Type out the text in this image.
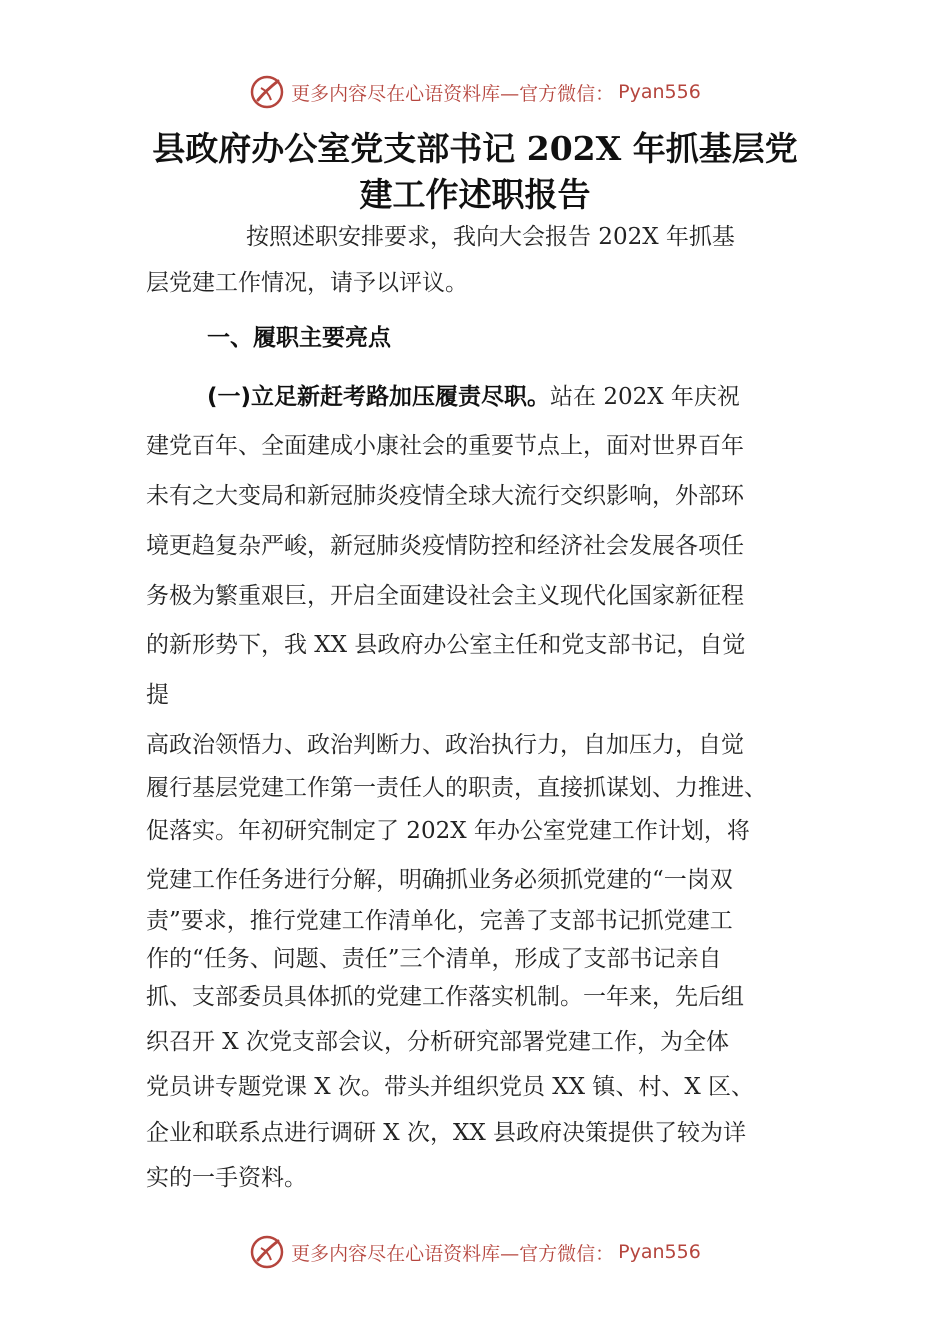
更多内容尽在心语资料库—官方微信： Pyan556
县政府办公室党支部书记 202X 年抓基层党
建工作述职报告
按照述职安排要求，我向大会报告 202X 年抓基
层党建工作情况，请予以评议。
一、履职主要亮点
(一)立足新赶考路加压履责尽职。站在 202X 年庆祝
建党百年、全面建成小康社会的重要节点上，面对世界百年
未有之大变局和新冠肺炎疫情全球大流行交织影响，外部环
境更趋复杂严峻，新冠肺炎疫情防控和经济社会发展各项任
务极为繁重艰巨，开启全面建设社会主义现代化国家新征程
的新形势下，我 XX 县政府办公室主任和党支部书记，自觉
提
高政治领悟力、政治判断力、政治执行力，自加压力，自觉
履行基层党建工作第一责任人的职责，直接抓谋划、力推进、
促落实。年初研究制定了 202X 年办公室党建工作计划，将
党建工作任务进行分解，明确抓业务必须抓党建的“一岗双
责”要求，推行党建工作清单化，完善了支部书记抓党建工
作的“任务、问题、责任”三个清单，形成了支部书记亲自
抓、支部委员具体抓的党建工作落实机制。一年来，先后组
织召开 X 次党支部会议，分析研究部署党建工作，为全体
党员讲专题党课 X 次。带头并组织党员 XX 镇、村、X 区、
企业和联系点进行调研 X 次，XX 县政府决策提供了较为详
实的一手资料。
更多内容尽在心语资料库—官方微信： Pyan556
